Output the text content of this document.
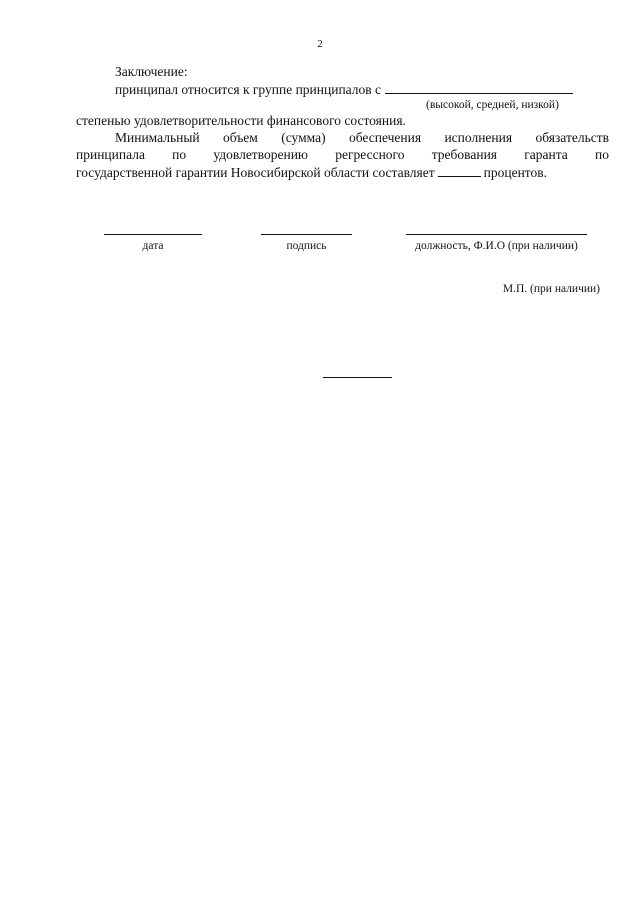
2

Заключение:

принципал относится к группе принципалов с

(высокой, средней, низкой)

степенью удовлетворительности финансового состояния.

Минимальный объем (сумма) обеспечения исполнения обязательств

принципала по удовлетворению регрессного требования гаранта по

государственной гарантии Новосибирской области составляет	процентов.

дата	подпись	должность, Ф.И.О (при наличии)
М.П. (при наличии)
